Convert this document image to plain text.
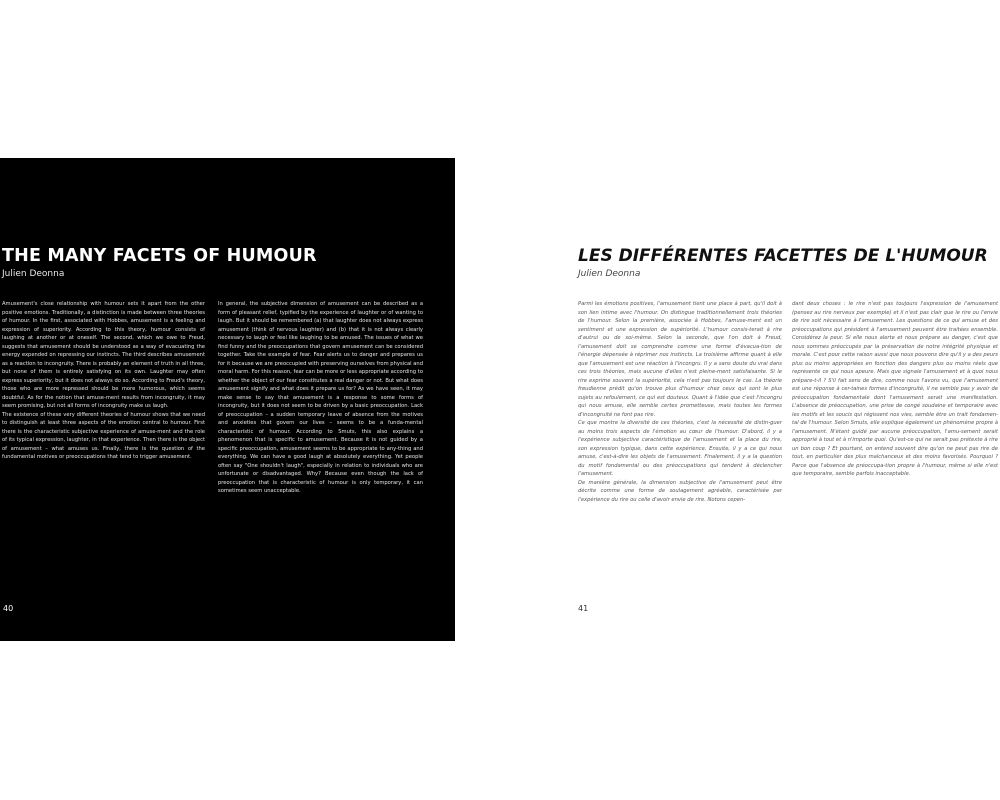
THE MANY FACETS OF HUMOUR
Julien Deonna

Amusement's close relationship with humour sets it apart from the other positive emotions. Traditionally, a distinction is made between three theories of humour. In the first, associated with Hobbes, amusement is a feeling and expression of superiority. According to this theory, humour consists of laughing at another or at oneself. The second, which we owe to Freud, suggests that amusement should be understood as a way of evacuating the energy expended on repressing our instincts. The third describes amusement as a reaction to incongruity. There is probably an element of truth in all three, but none of them is entirely satisfying on its own. Laughter may often express superiority, but it does not always do so. According to Freud's theory, those who are more repressed should be more humorous, which seems doubtful. As for the notion that amuse-ment results from incongruity, it may seem promising, but not all forms of incongruity make us laugh.

The existence of these very different theories of humour shows that we need to distinguish at least three aspects of the emotion central to humour. First there is the characteristic subjective experience of amuse-ment and the role of its typical expression, laughter, in that experience. Then there is the object of amusement – what amuses us. Finally, there is the question of the fundamental motives or preoccupations that tend to trigger amusement.

In general, the subjective dimension of amusement can be described as a form of pleasant relief, typified by the experience of laughter or of wanting to laugh. But it should be remembered (a) that laughter does not always express amusement (think of nervous laughter) and (b) that it is not always clearly necessary to laugh or feel like laughing to be amused. The issues of what we find funny and the preoccupations that govern amusement can be considered together. Take the example of fear. Fear alerts us to danger and prepares us for it because we are preoccupied with preserving ourselves from physical and moral harm. For this reason, fear can be more or less appropriate according to whether the object of our fear constitutes a real danger or not. But what does amusement signify and what does it prepare us for? As we have seen, it may make sense to say that amusement is a response to some forms of incongruity, but it does not seem to be driven by a basic preoccupation. Lack of preoccupation – a sudden temporary leave of absence from the motives and anxieties that govern our lives – seems to be a funda-mental characteristic of humour. According to Smuts, this also explains a phenomenon that is specific to amusement. Because it is not guided by a specific preoccupation, amusement seems to be appropriate to any-thing and everything. We can have a good laugh at absolutely everything. Yet people often say "One shouldn't laugh", especially in relation to individuals who are unfortunate or disadvantaged. Why? Because even though the lack of preoccupation that is characteristic of humour is only temporary, it can sometimes seem unacceptable.

40
LES DIFFÉRENTES FACETTES DE L'HUMOUR
Julien Deonna

Parmi les émotions positives, l'amusement tient une place à part, qu'il doit à son lien intime avec l'humour. On distingue traditionnellement trois théories de l'humour. Selon la première, associée à Hobbes, l'amuse-ment est un sentiment et une expression de supériorité. L'humour consis-terait à rire d'autrui ou de soi-même. Selon la seconde, que l'on doit à Freud, l'amusement doit se comprendre comme une forme d'évacua-tion de l'énergie dépensée à réprimer nos instincts. La troisième affirme quant à elle que l'amusement est une réaction à l'incongru. Il y a sans doute du vrai dans ces trois théories, mais aucune d'elles n'est pleine-ment satisfaisante. Si le rire exprime souvent la supériorité, cela n'est pas toujours le cas. La théorie freudienne prédit qu'on trouve plus d'humour chez ceux qui sont le plus sujets au refoulement, ce qui est douteux. Quant à l'idée que c'est l'incongru qui nous amuse, elle semble certes prometteuse, mais toutes les formes d'incongruité ne font pas rire.

Ce que montre la diversité de ces théories, c'est la nécessité de distin-guer au moins trois aspects de l'émotion au cœur de l'humour. D'abord, il y a l'expérience subjective caractéristique de l'amusement et la place du rire, son expression typique, dans cette expérience. Ensuite, il y a ce qui nous amuse, c'est-à-dire les objets de l'amusement. Finalement, il y a la question du motif fondamental ou des préoccupations qui tendent à déclencher l'amusement.

De manière générale, la dimension subjective de l'amusement peut être décrite comme une forme de soulagement agréable, caractérisée par l'expérience du rire ou celle d'avoir envie de rire. Notons cepen-

dant deux choses : le rire n'est pas toujours l'expression de l'amusement (pensez au rire nerveux par exemple) et il n'est pas clair que le rire ou l'envie de rire soit nécessaire à l'amusement. Les questions de ce qui amuse et des préoccupations qui président à l'amusement peuvent être traitées ensemble. Considérez la peur. Si elle nous alerte et nous prépare au danger, c'est que nous sommes préoccupés par la préservation de notre intégrité physique et morale. C'est pour cette raison aussi que nous pouvons dire qu'il y a des peurs plus ou moins appropriées en fonction des dangers plus ou moins réels que représente ce qui nous apeure. Mais que signale l'amusement et à quoi nous prépare-t-il ? S'il fait sens de dire, comme nous l'avons vu, que l'amusement est une réponse à cer-taines formes d'incongruité, il ne semble pas y avoir de préoccupation fondamentale dont l'amusement serait une manifestation. L'absence de préoccupation, une prise de congé soudaine et temporaire avec les motifs et les soucis qui régissent nos vies, semble être un trait fondamen-tal de l'humour. Selon Smuts, elle explique également un phénomène propre à l'amusement. N'étant guidé par aucune préoccupation, l'amu-sement serait approprié à tout et à n'importe quoi. Qu'est-ce qui ne serait pas prétexte à rire un bon coup ? Et pourtant, on entend souvent dire qu'on ne peut pas rire de tout, en particulier des plus malchanceux et des moins favorisés. Pourquoi ? Parce que l'absence de préoccupa-tion propre à l'humour, même si elle n'est que temporaire, semble parfois inacceptable.

41
